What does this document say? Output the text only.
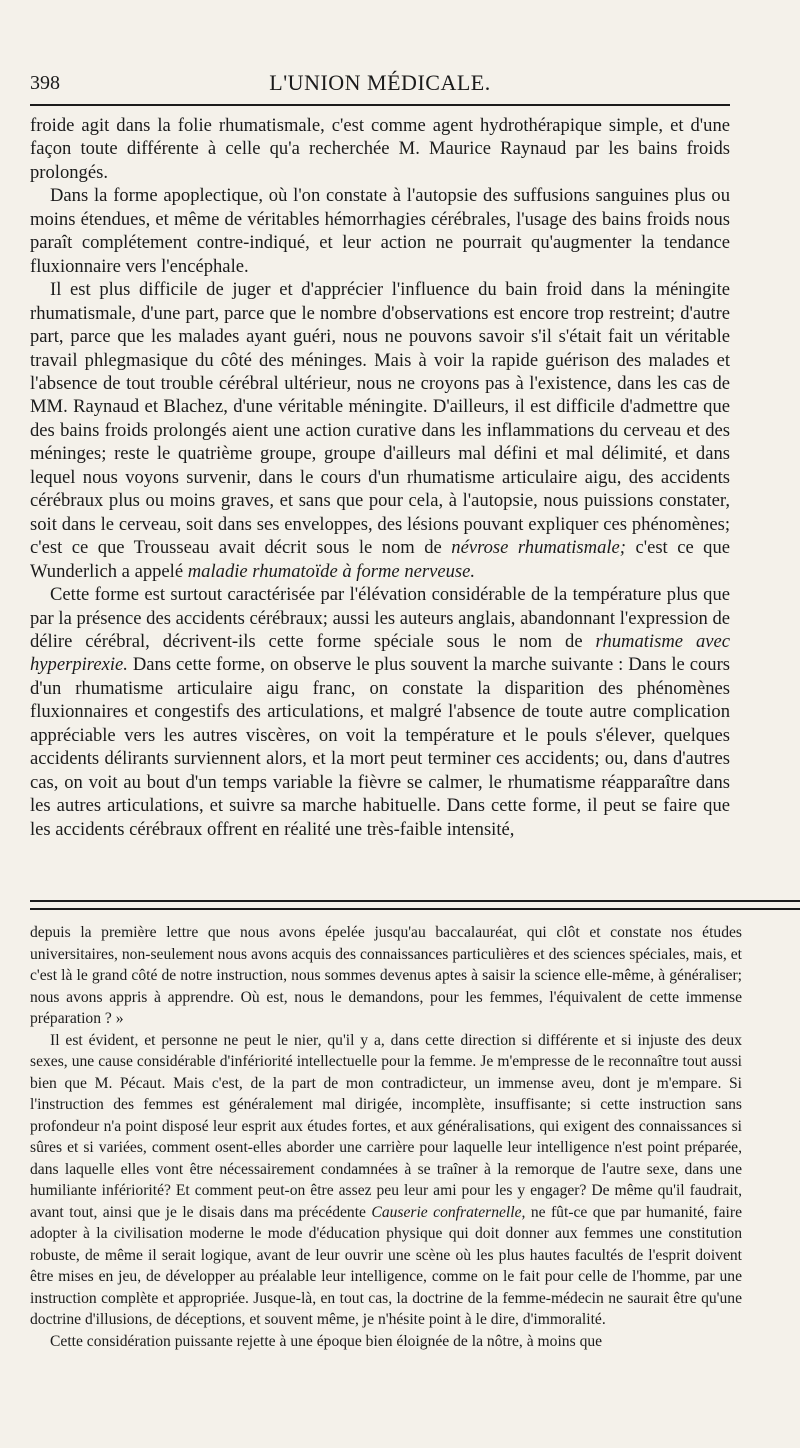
398	L'UNION MÉDICALE.

froide agit dans la folie rhumatismale, c'est comme agent hydrothérapique simple, et d'une façon toute différente à celle qu'a recherchée M. Maurice Raynaud par les bains froids prolongés.

Dans la forme apoplectique, où l'on constate à l'autopsie des suffusions sanguines plus ou moins étendues, et même de véritables hémorrhagies cérébrales, l'usage des bains froids nous paraît complétement contre-indiqué, et leur action ne pourrait qu'augmenter la tendance fluxionnaire vers l'encéphale.

Il est plus difficile de juger et d'apprécier l'influence du bain froid dans la méningite rhumatismale, d'une part, parce que le nombre d'observations est encore trop restreint; d'autre part, parce que les malades ayant guéri, nous ne pouvons savoir s'il s'était fait un véritable travail phlegmasique du côté des méninges. Mais à voir la rapide guérison des malades et l'absence de tout trouble cérébral ultérieur, nous ne croyons pas à l'existence, dans les cas de MM. Raynaud et Blachez, d'une véritable méningite. D'ailleurs, il est difficile d'admettre que des bains froids prolongés aient une action curative dans les inflammations du cerveau et des méninges; reste le quatrième groupe, groupe d'ailleurs mal défini et mal délimité, et dans lequel nous voyons survenir, dans le cours d'un rhumatisme articulaire aigu, des accidents cérébraux plus ou moins graves, et sans que pour cela, à l'autopsie, nous puissions constater, soit dans le cerveau, soit dans ses enveloppes, des lésions pouvant expliquer ces phénomènes; c'est ce que Trousseau avait décrit sous le nom de névrose rhumatismale; c'est ce que Wunderlich a appelé maladie rhumatoïde à forme nerveuse.

Cette forme est surtout caractérisée par l'élévation considérable de la température plus que par la présence des accidents cérébraux; aussi les auteurs anglais, abandonnant l'expression de délire cérébral, décrivent-ils cette forme spéciale sous le nom de rhumatisme avec hyperpirexie. Dans cette forme, on observe le plus souvent la marche suivante : Dans le cours d'un rhumatisme articulaire aigu franc, on constate la disparition des phénomènes fluxionnaires et congestifs des articulations, et malgré l'absence de toute autre complication appréciable vers les autres viscères, on voit la température et le pouls s'élever, quelques accidents délirants surviennent alors, et la mort peut terminer ces accidents; ou, dans d'autres cas, on voit au bout d'un temps variable la fièvre se calmer, le rhumatisme réapparaître dans les autres articulations, et suivre sa marche habituelle. Dans cette forme, il peut se faire que les accidents cérébraux offrent en réalité une très-faible intensité,

depuis la première lettre que nous avons épelée jusqu'au baccalauréat, qui clôt et constate nos études universitaires, non-seulement nous avons acquis des connaissances particulières et des sciences spéciales, mais, et c'est là le grand côté de notre instruction, nous sommes devenus aptes à saisir la science elle-même, à généraliser; nous avons appris à apprendre. Où est, nous le demandons, pour les femmes, l'équivalent de cette immense préparation ? »

Il est évident, et personne ne peut le nier, qu'il y a, dans cette direction si différente et si injuste des deux sexes, une cause considérable d'infériorité intellectuelle pour la femme. Je m'empresse de le reconnaître tout aussi bien que M. Pécaut. Mais c'est, de la part de mon contradicteur, un immense aveu, dont je m'empare. Si l'instruction des femmes est généralement mal dirigée, incomplète, insuffisante; si cette instruction sans profondeur n'a point disposé leur esprit aux études fortes, et aux généralisations, qui exigent des connaissances si sûres et si variées, comment osent-elles aborder une carrière pour laquelle leur intelligence n'est point préparée, dans laquelle elles vont être nécessairement condamnées à se traîner à la remorque de l'autre sexe, dans une humiliante infériorité? Et comment peut-on être assez peu leur ami pour les y engager? De même qu'il faudrait, avant tout, ainsi que je le disais dans ma précédente Causerie confraternelle, ne fût-ce que par humanité, faire adopter à la civilisation moderne le mode d'éducation physique qui doit donner aux femmes une constitution robuste, de même il serait logique, avant de leur ouvrir une scène où les plus hautes facultés de l'esprit doivent être mises en jeu, de développer au préalable leur intelligence, comme on le fait pour celle de l'homme, par une instruction complète et appropriée. Jusque-là, en tout cas, la doctrine de la femme-médecin ne saurait être qu'une doctrine d'illusions, de déceptions, et souvent même, je n'hésite point à le dire, d'immoralité.

Cette considération puissante rejette à une époque bien éloignée de la nôtre, à moins que
